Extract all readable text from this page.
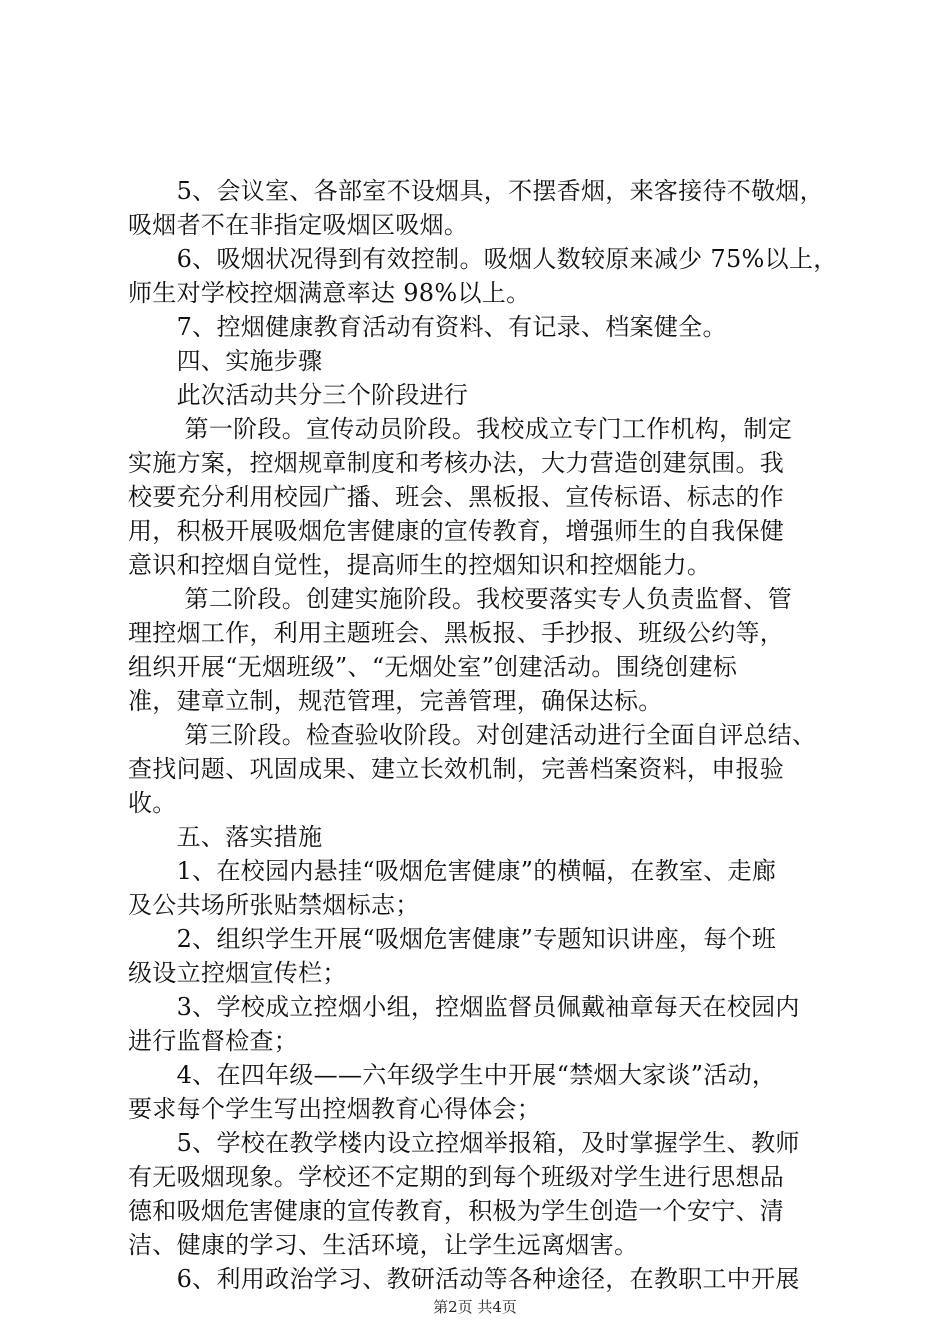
　　5、会议室、各部室不设烟具，不摆香烟，来客接待不敬烟，
吸烟者不在非指定吸烟区吸烟。
　　6、吸烟状况得到有效控制。吸烟人数较原来减少 75%以上，
师生对学校控烟满意率达 98%以上。
　　7、控烟健康教育活动有资料、有记录、档案健全。
　　四、实施步骤
　　此次活动共分三个阶段进行
　　 第一阶段。宣传动员阶段。我校成立专门工作机构，制定
实施方案，控烟规章制度和考核办法，大力营造创建氛围。我
校要充分利用校园广播、班会、黑板报、宣传标语、标志的作
用，积极开展吸烟危害健康的宣传教育，增强师生的自我保健
意识和控烟自觉性，提高师生的控烟知识和控烟能力。
　　 第二阶段。创建实施阶段。我校要落实专人负责监督、管
理控烟工作，利用主题班会、黑板报、手抄报、班级公约等，
组织开展“无烟班级”、“无烟处室”创建活动。围绕创建标
准，建章立制，规范管理，完善管理，确保达标。
　　 第三阶段。检查验收阶段。对创建活动进行全面自评总结、
查找问题、巩固成果、建立长效机制，完善档案资料，申报验
收。
　　五、落实措施
　　1、在校园内悬挂“吸烟危害健康”的横幅，在教室、走廊
及公共场所张贴禁烟标志；
　　2、组织学生开展“吸烟危害健康”专题知识讲座，每个班
级设立控烟宣传栏；
　　3、学校成立控烟小组，控烟监督员佩戴袖章每天在校园内
进行监督检查；
　　4、在四年级——六年级学生中开展“禁烟大家谈”活动，
要求每个学生写出控烟教育心得体会；
　　5、学校在教学楼内设立控烟举报箱，及时掌握学生、教师
有无吸烟现象。学校还不定期的到每个班级对学生进行思想品
德和吸烟危害健康的宣传教育，积极为学生创造一个安宁、清
洁、健康的学习、生活环境，让学生远离烟害。
　　6、利用政治学习、教研活动等各种途径，在教职工中开展
第2页 共4页
